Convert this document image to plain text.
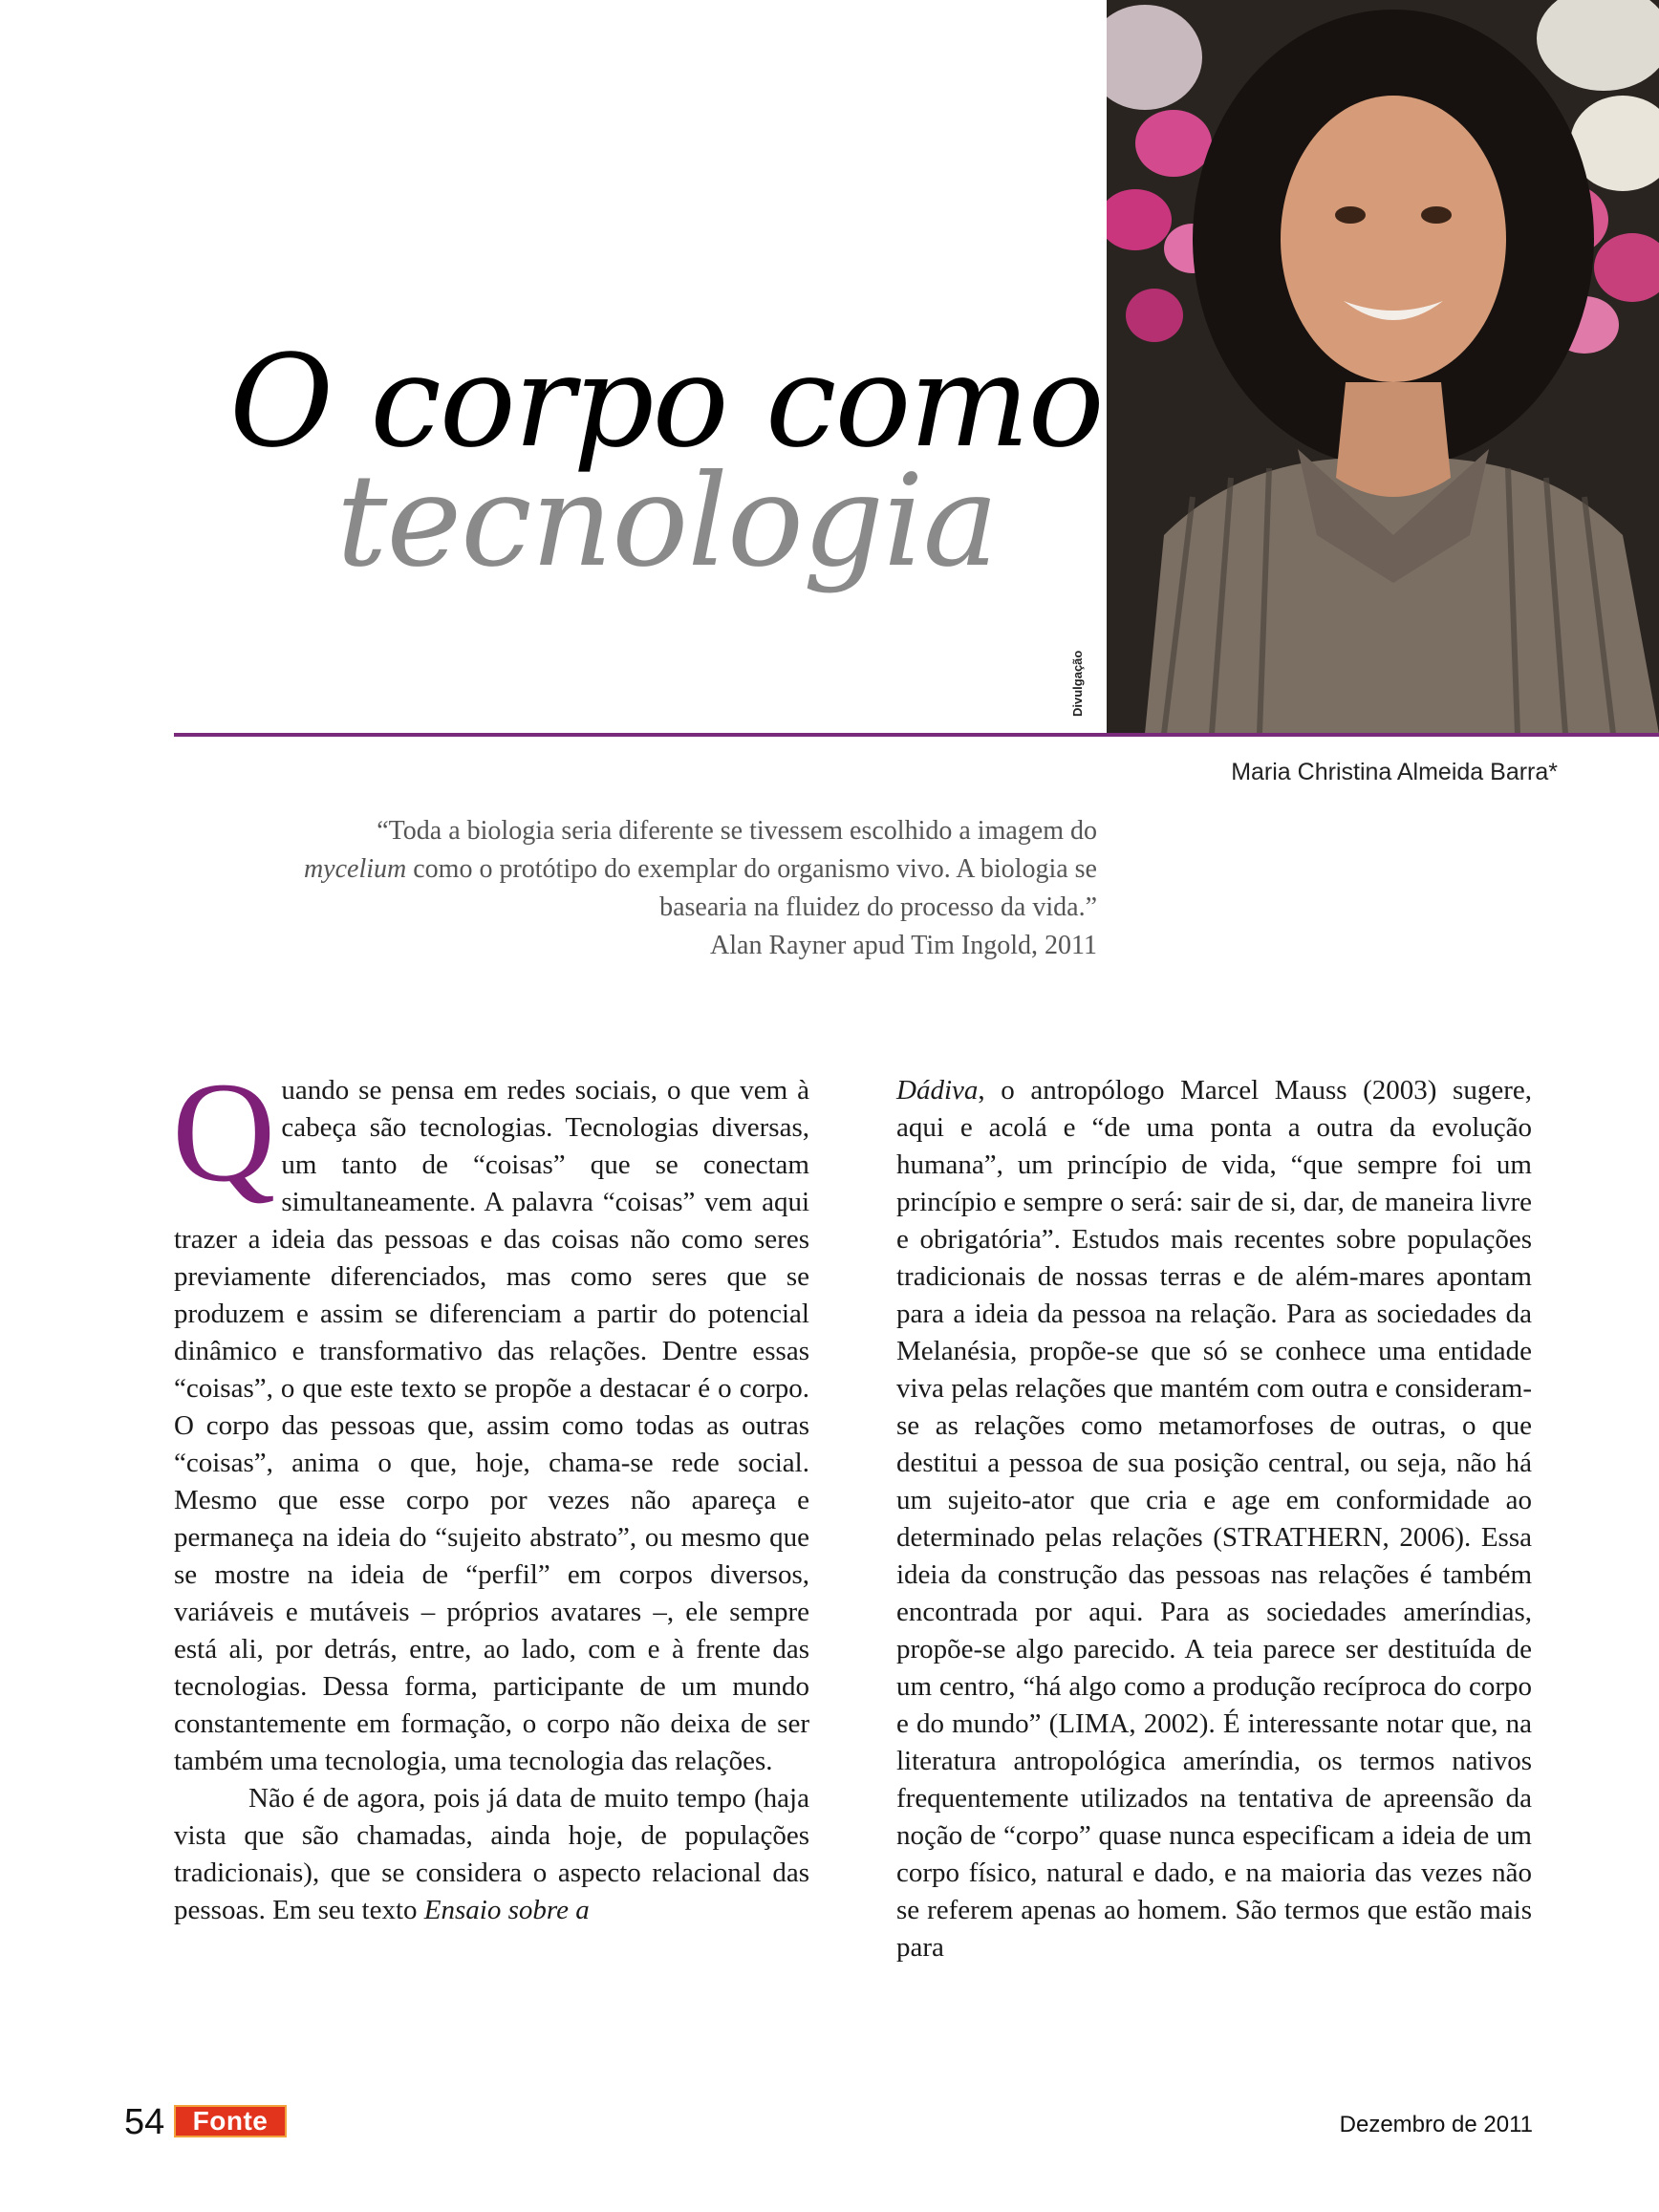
O corpo como
tecnologia
Divulgação
Maria Christina Almeida Barra*

“Toda a biologia seria diferente se tivessem escolhido a imagem do

mycelium como o protótipo do exemplar do organismo vivo. A biologia se

basearia na fluidez do processo da vida.”

Alan Rayner apud Tim Ingold, 2011

Quando se pensa em redes sociais, o que vem à cabeça são tecnologias. Tecnologias diversas, um tanto de “coisas” que se conectam simultaneamente. A palavra “coisas” vem aqui trazer a ideia das pessoas e das coisas não como seres previamente diferenciados, mas como seres que se produzem e assim se diferenciam a partir do potencial dinâmico e transformativo das relações. Dentre essas “coisas”, o que este texto se propõe a destacar é o corpo. O corpo das pessoas que, assim como todas as outras “coisas”, anima o que, hoje, chama-se rede social. Mesmo que esse corpo por vezes não apareça e permaneça na ideia do “sujeito abstrato”, ou mesmo que se mostre na ideia de “perfil” em corpos diversos, variáveis e mutáveis – próprios avatares –, ele sempre está ali, por detrás, entre, ao lado, com e à frente das tecnologias. Dessa forma, participante de um mundo constantemente em formação, o corpo não deixa de ser também uma tecnologia, uma tecnologia das relações.

Não é de agora, pois já data de muito tempo (haja vista que são chamadas, ainda hoje, de populações tradicionais), que se considera o aspecto relacional das pessoas. Em seu texto Ensaio sobre a

Dádiva, o antropólogo Marcel Mauss (2003) sugere, aqui e acolá e “de uma ponta a outra da evolução humana”, um princípio de vida, “que sempre foi um princípio e sempre o será: sair de si, dar, de maneira livre e obrigatória”. Estudos mais recentes sobre populações tradicionais de nossas terras e de além-mares apontam para a ideia da pessoa na relação. Para as sociedades da Melanésia, propõe-se que só se conhece uma entidade viva pelas relações que mantém com outra e consideram-se as relações como metamorfoses de outras, o que destitui a pessoa de sua posição central, ou seja, não há um sujeito-ator que cria e age em conformidade ao determinado pelas relações (STRATHERN, 2006). Essa ideia da construção das pessoas nas relações é também encontrada por aqui. Para as sociedades ameríndias, propõe-se algo parecido. A teia parece ser destituída de um centro, “há algo como a produção recíproca do corpo e do mundo” (LIMA, 2002). É interessante notar que, na literatura antropológica ameríndia, os termos nativos frequentemente utilizados na tentativa de apreensão da noção de “corpo” quase nunca especificam a ideia de um corpo físico, natural e dado, e na maioria das vezes não se referem apenas ao homem. São termos que estão mais para

54	Fonte	Dezembro de 2011
